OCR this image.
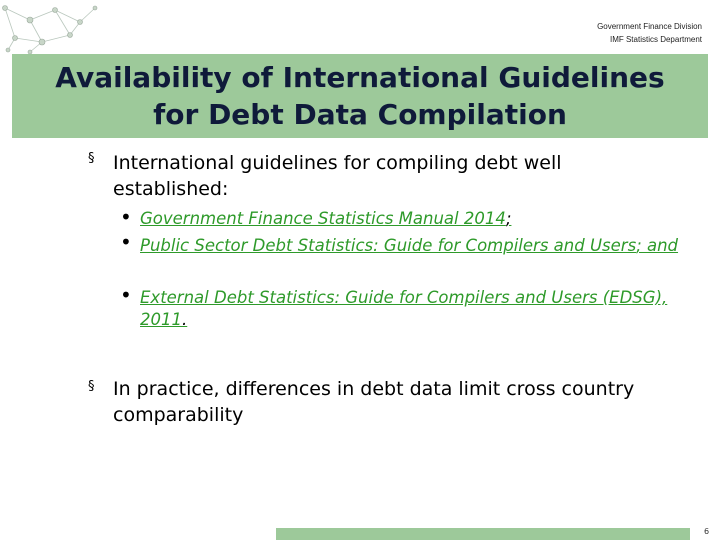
Government Finance Division
IMF Statistics Department
Availability of International Guidelines
for Debt Data Compilation
§ International guidelines for compiling debt well established:
• Government Finance Statistics Manual 2014;
• Public Sector Debt Statistics: Guide for Compilers and Users; and
• External Debt Statistics: Guide for Compilers and Users (EDSG), 2011.
§ In practice, differences in debt data limit cross country comparability
6
